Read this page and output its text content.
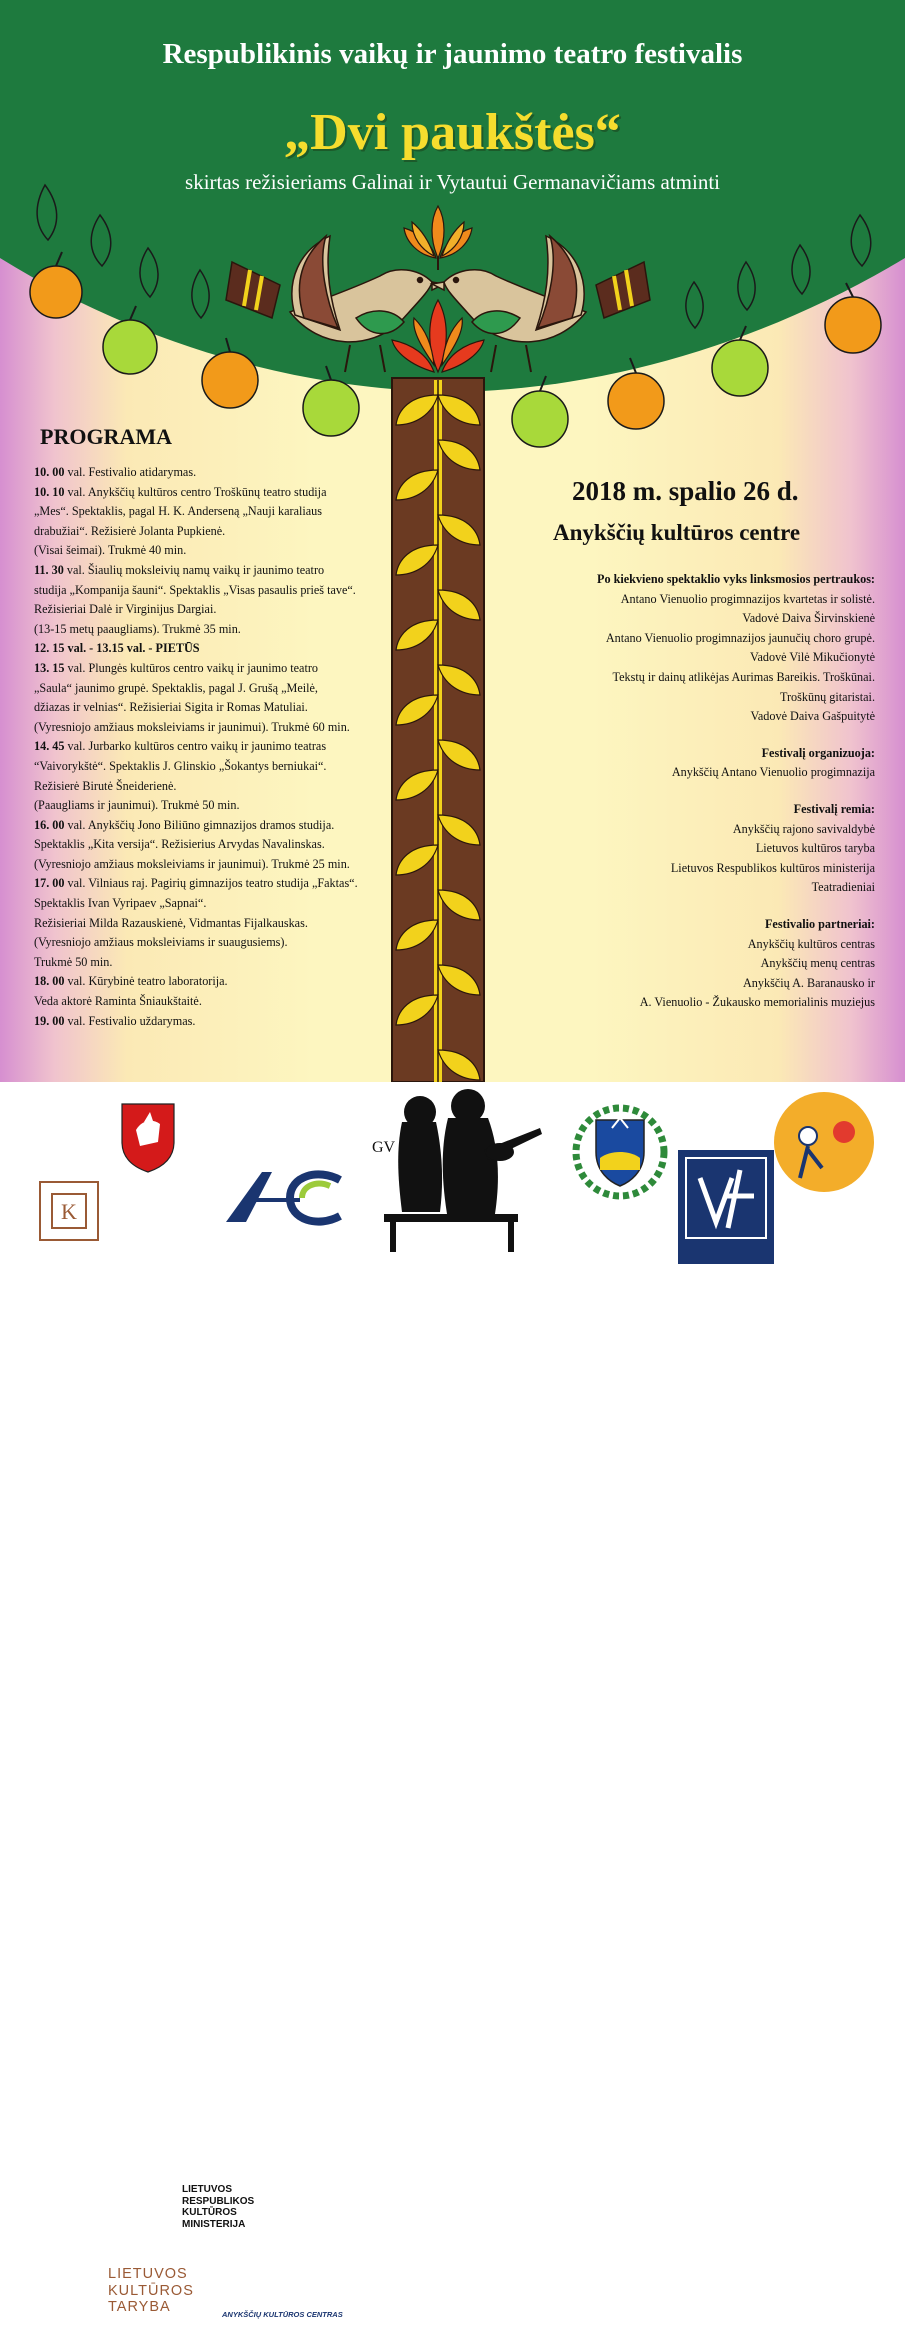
Respublikinis vaikų ir jaunimo teatro festivalis
„Dvi paukštės“
skirtas režisieriams Galinai ir Vytautui Germanavičiams atminti
PROGRAMA

10. 00 val. Festivalio atidarymas.

10. 10 val. Anykščių kultūros centro Troškūnų teatro studija

„Mes“. Spektaklis, pagal H. K. Anderseną „Nauji karaliaus

drabužiai“. Režisierė Jolanta Pupkienė.

(Visai šeimai). Trukmė 40 min.

11. 30 val. Šiaulių moksleivių namų vaikų ir jaunimo teatro

studija „Kompanija šauni“. Spektaklis „Visas pasaulis prieš tave“.

Režisieriai Dalė ir Virginijus Dargiai.

(13-15 metų paaugliams). Trukmė 35 min.

12. 15 val. - 13.15 val. - PIETŪS

13. 15 val. Plungės kultūros centro vaikų ir jaunimo teatro

„Saula“ jaunimo grupė. Spektaklis, pagal J. Grušą „Meilė,

džiazas ir velnias“. Režisieriai Sigita ir Romas Matuliai.

(Vyresniojo amžiaus moksleiviams ir jaunimui). Trukmė 60 min.

14. 45 val. Jurbarko kultūros centro vaikų ir jaunimo teatras

“Vaivorykštė“. Spektaklis J. Glinskio „Šokantys berniukai“.

Režisierė Birutė Šneiderienė.

(Paaugliams ir jaunimui). Trukmė 50 min.

16. 00 val. Anykščių Jono Biliūno gimnazijos dramos studija.

Spektaklis „Kita versija“. Režisierius Arvydas Navalinskas.

(Vyresniojo amžiaus moksleiviams ir jaunimui). Trukmė 25 min.

17. 00 val. Vilniaus raj. Pagirių gimnazijos teatro studija „Faktas“.

Spektaklis Ivan Vyripaev „Sapnai“.

Režisieriai Milda Razauskienė, Vidmantas Fijalkauskas.

(Vyresniojo amžiaus moksleiviams ir suaugusiems).

Trukmė 50 min.

18. 00 val. Kūrybinė teatro laboratorija.

Veda aktorė Raminta Šniaukštaitė.

19. 00 val. Festivalio uždarymas.

2018 m. spalio 26 d.
Anykščių kultūros centre

Po kiekvieno spektaklio vyks linksmosios pertraukos:

Antano Vienuolio progimnazijos kvartetas ir solistė.

Vadovė Daiva Širvinskienė

Antano Vienuolio progimnazijos jaunučių choro grupė.

Vadovė Vilė Mikučionytė

Tekstų ir dainų atlikėjas Aurimas Bareikis. Troškūnai.

Troškūnų gitaristai.

Vadovė Daiva Gašpuitytė

Festivalį organizuoja:

Anykščių Antano Vienuolio progimnazija

Festivalį remia:

Anykščių rajono savivaldybė

Lietuvos kultūros taryba

Lietuvos Respublikos kultūros ministerija

Teatradieniai

Festivalio partneriai:

Anykščių kultūros centras

Anykščių menų centras

Anykščių A. Baranausko ir

A. Vienuolio - Žukausko memorialinis muziejus

K
GV
LIETUVOS
RESPUBLIKOS
KULTŪROS
MINISTERIJA
LIETUVOS
KULTŪROS
TARYBA	ANYKŠČIŲ KULTŪROS CENTRAS
ANYKŠČIŲ ANTANO VIENUOLIO PROGIMNAZIJA
